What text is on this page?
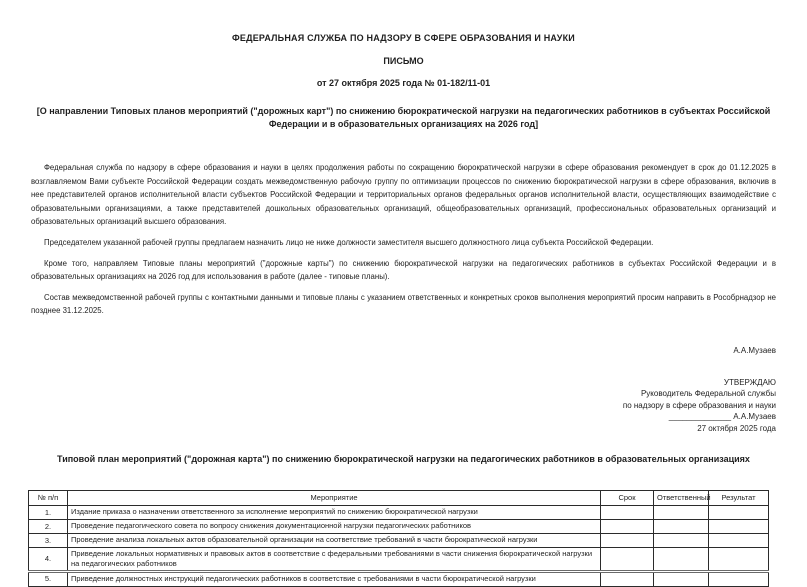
ФЕДЕРАЛЬНАЯ СЛУЖБА ПО НАДЗОРУ В СФЕРЕ ОБРАЗОВАНИЯ И НАУКИ
ПИСЬМО
от 27 октября 2025 года № 01-182/11-01
[О направлении Типовых планов мероприятий ("дорожных карт") по снижению бюрократической нагрузки на педагогических работников в субъектах Российской Федерации и в образовательных организациях на 2026 год]

Федеральная служба по надзору в сфере образования и науки в целях продолжения работы по сокращению бюрократической нагрузки в сфере образования рекомендует в срок до 01.12.2025 в возглавляемом Вами субъекте Российской Федерации создать межведомственную рабочую группу по оптимизации процессов по снижению бюрократической нагрузки в сфере образования, включив в нее представителей органов исполнительной власти субъектов Российской Федерации и территориальных органов федеральных органов исполнительной власти, осуществляющих взаимодействие с образовательными организациями, а также представителей дошкольных образовательных организаций, общеобразовательных организаций, профессиональных образовательных организаций и образовательных организаций высшего образования.

Председателем указанной рабочей группы предлагаем назначить лицо не ниже должности заместителя высшего должностного лица субъекта Российской Федерации.

Кроме того, направляем Типовые планы мероприятий ("дорожные карты") по снижению бюрократической нагрузки на педагогических работников в субъектах Российской Федерации и в образовательных организациях на 2026 год для использования в работе (далее - типовые планы).

Состав межведомственной рабочей группы с контактными данными и типовые планы с указанием ответственных и конкретных сроков выполнения мероприятий просим направить в Рособрнадзор не позднее 31.12.2025.

А.А.Музаев
УТВЕРЖДАЮ
Руководитель Федеральной службы
по надзору в сфере образования и науки
______________ А.А.Музаев
27 октября 2025 года
Типовой план мероприятий ("дорожная карта") по снижению бюрократической нагрузки на педагогических работников в образовательных организациях
№ п/п	Мероприятие	Срок	Ответственный	Результат
1.	Издание приказа о назначении ответственного за исполнение мероприятий по снижению бюрократической нагрузки			
2.	Проведение педагогического совета по вопросу снижения документационной нагрузки педагогических работников			
3.	Проведение анализа локальных актов образовательной организации на соответствие требований в части бюрократической нагрузки			
4.	Приведение локальных нормативных и правовых актов в соответствие с федеральными требованиями в части снижения бюрократической нагрузки на педагогических работников			
5.	Приведение должностных инструкций педагогических работников в соответствие с требованиями в части бюрократической нагрузки			
